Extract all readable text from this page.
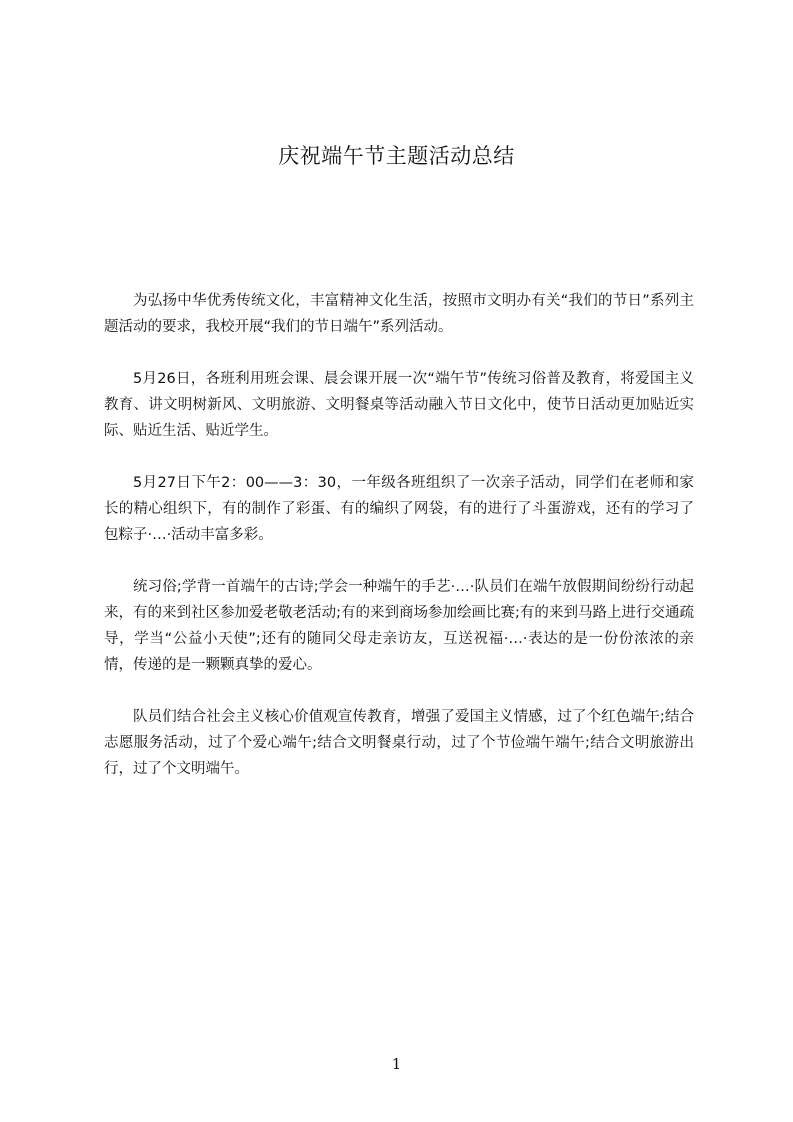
庆祝端午节主题活动总结

为弘扬中华优秀传统文化，丰富精神文化生活，按照市文明办有关“我们的节日”系列主题活动的要求，我校开展“我们的节日端午”系列活动。

5月26日，各班利用班会课、晨会课开展一次“端午节”传统习俗普及教育，将爱国主义教育、讲文明树新风、文明旅游、文明餐桌等活动融入节日文化中，使节日活动更加贴近实际、贴近生活、贴近学生。

5月27日下午2：00——3：30，一年级各班组织了一次亲子活动，同学们在老师和家长的精心组织下，有的制作了彩蛋、有的编织了网袋，有的进行了斗蛋游戏，还有的学习了包粽子·…·活动丰富多彩。

统习俗;学背一首端午的古诗;学会一种端午的手艺·…·队员们在端午放假期间纷纷行动起来，有的来到社区参加爱老敬老活动;有的来到商场参加绘画比赛;有的来到马路上进行交通疏导，学当“公益小天使”;还有的随同父母走亲访友，互送祝福·…·表达的是一份份浓浓的亲情，传递的是一颗颗真挚的爱心。

队员们结合社会主义核心价值观宣传教育，增强了爱国主义情感，过了个红色端午;结合志愿服务活动，过了个爱心端午;结合文明餐桌行动，过了个节俭端午端午;结合文明旅游出行，过了个文明端午。

1
